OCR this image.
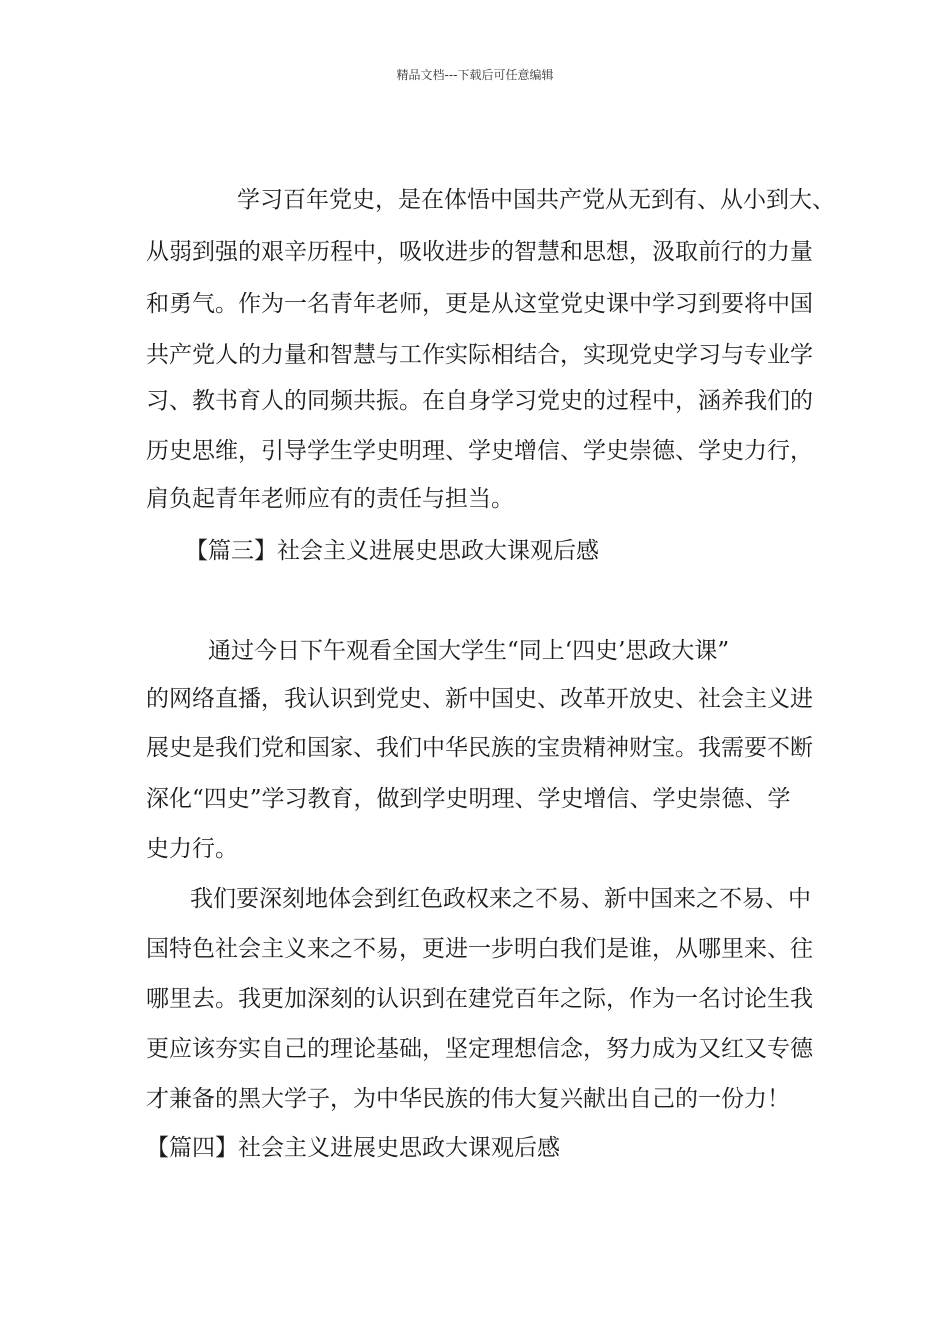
精品文档---下载后可任意编辑
学习百年党史，是在体悟中国共产党从无到有、从小到大、
从弱到强的艰辛历程中，吸收进步的智慧和思想，汲取前行的力量
和勇气。作为一名青年老师，更是从这堂党史课中学习到要将中国
共产党人的力量和智慧与工作实际相结合，实现党史学习与专业学
习、教书育人的同频共振。在自身学习党史的过程中，涵养我们的
历史思维，引导学生学史明理、学史增信、学史崇德、学史力行，
肩负起青年老师应有的责任与担当。
【篇三】社会主义进展史思政大课观后感
通过今日下午观看全国大学生“同上‘四史’思政大课”
的网络直播，我认识到党史、新中国史、改革开放史、社会主义进
展史是我们党和国家、我们中华民族的宝贵精神财宝。我需要不断
深化“四史”学习教育，做到学史明理、学史增信、学史崇德、学
史力行。
我们要深刻地体会到红色政权来之不易、新中国来之不易、中
国特色社会主义来之不易，更进一步明白我们是谁，从哪里来、往
哪里去。我更加深刻的认识到在建党百年之际，作为一名讨论生我
更应该夯实自己的理论基础，坚定理想信念，努力成为又红又专德
才兼备的黑大学子，为中华民族的伟大复兴献出自己的一份力！
【篇四】社会主义进展史思政大课观后感
